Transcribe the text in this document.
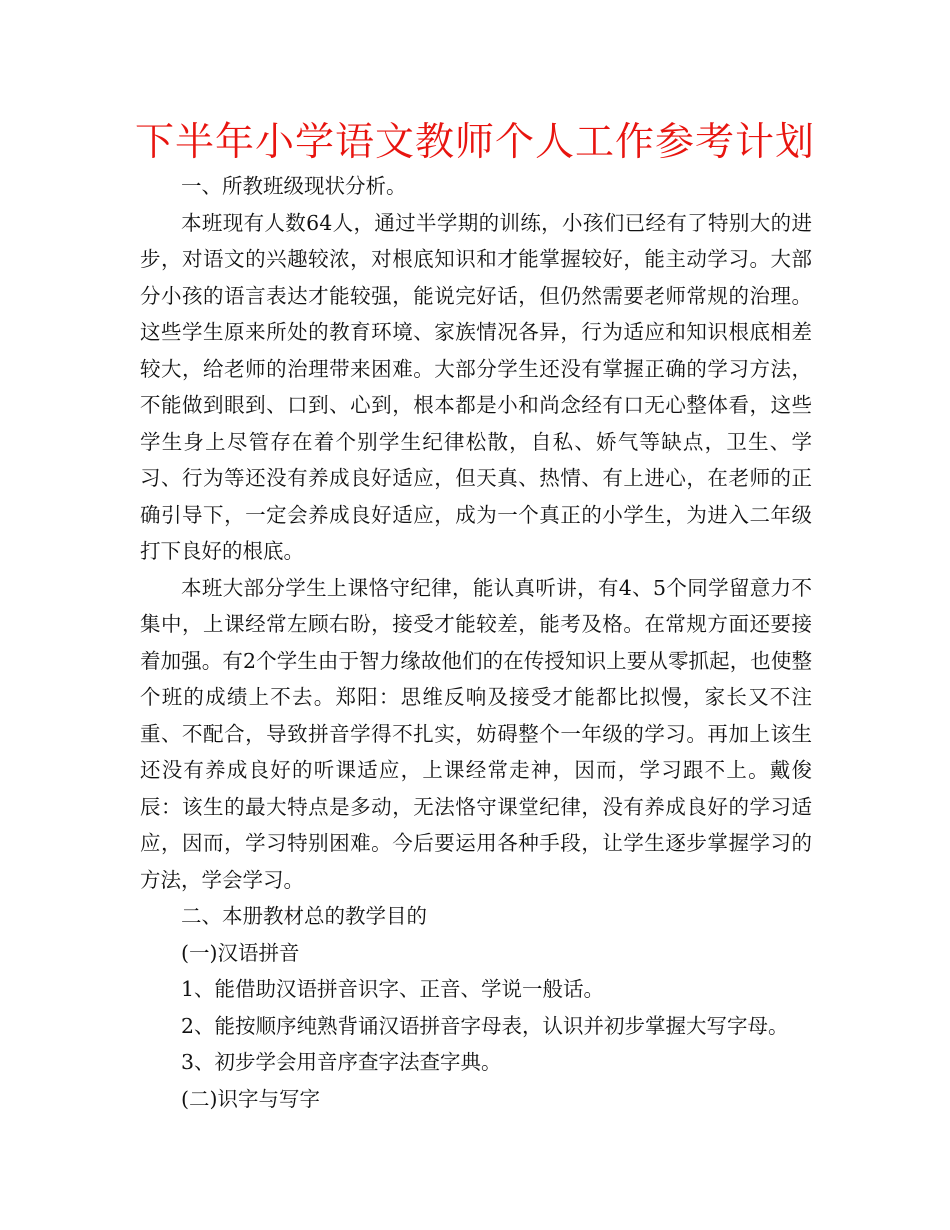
下半年小学语文教师个人工作参考计划

一、所教班级现状分析。

本班现有人数64人，通过半学期的训练，小孩们已经有了特别大的进步，对语文的兴趣较浓，对根底知识和才能掌握较好，能主动学习。大部分小孩的语言表达才能较强，能说完好话，但仍然需要老师常规的治理。这些学生原来所处的教育环境、家族情况各异，行为适应和知识根底相差较大，给老师的治理带来困难。大部分学生还没有掌握正确的学习方法，不能做到眼到、口到、心到，根本都是小和尚念经有口无心整体看，这些学生身上尽管存在着个别学生纪律松散，自私、娇气等缺点，卫生、学习、行为等还没有养成良好适应，但天真、热情、有上进心，在老师的正确引导下，一定会养成良好适应，成为一个真正的小学生，为进入二年级打下良好的根底。

本班大部分学生上课恪守纪律，能认真听讲，有4、5个同学留意力不集中，上课经常左顾右盼，接受才能较差，能考及格。在常规方面还要接着加强。有2个学生由于智力缘故他们的在传授知识上要从零抓起，也使整个班的成绩上不去。郑阳：思维反响及接受才能都比拟慢，家长又不注重、不配合，导致拼音学得不扎实，妨碍整个一年级的学习。再加上该生还没有养成良好的听课适应，上课经常走神，因而，学习跟不上。戴俊辰：该生的最大特点是多动，无法恪守课堂纪律，没有养成良好的学习适应，因而，学习特别困难。今后要运用各种手段，让学生逐步掌握学习的方法，学会学习。

二、本册教材总的教学目的

(一)汉语拼音

1、能借助汉语拼音识字、正音、学说一般话。

2、能按顺序纯熟背诵汉语拼音字母表，认识并初步掌握大写字母。

3、初步学会用音序查字法查字典。

(二)识字与写字
